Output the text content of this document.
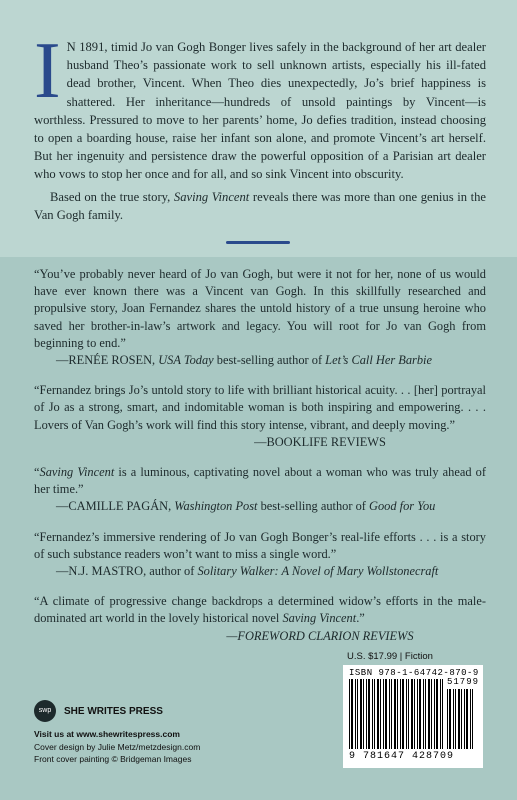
I N 1891, timid Jo van Gogh Bonger lives safely in the background of her art dealer husband Theo’s passionate work to sell unknown artists, especially his ill-fated dead brother, Vincent. When Theo dies unexpectedly, Jo’s brief happiness is shattered. Her inheritance—hundreds of unsold paintings by Vincent—is worthless. Pressured to move to her parents’ home, Jo defies tradition, instead choosing to open a boarding house, raise her infant son alone, and promote Vincent’s art herself. But her ingenuity and persistence draw the powerful opposition of a Parisian art dealer who vows to stop her once and for all, and so sink Vincent into obscurity.

Based on the true story, Saving Vincent reveals there was more than one genius in the Van Gogh family.

“You’ve probably never heard of Jo van Gogh, but were it not for her, none of us would have ever known there was a Vincent van Gogh. In this skillfully researched and propulsive story, Joan Fernandez shares the untold history of a true unsung heroine who saved her brother-in-law’s artwork and legacy. You will root for Jo van Gogh from beginning to end.”
—RENÉE ROSEN, USA Today best-selling author of Let’s Call Her Barbie
“Fernandez brings Jo’s untold story to life with brilliant historical acuity. . . [her] portrayal of Jo as a strong, smart, and indomitable woman is both inspiring and empowering. . . . Lovers of Van Gogh’s work will find this story intense, vibrant, and deeply moving.”
—BOOKLIFE REVIEWS
“Saving Vincent is a luminous, captivating novel about a woman who was truly ahead of her time.”
—CAMILLE PAGÁN, Washington Post best-selling author of Good for You
“Fernandez’s immersive rendering of Jo van Gogh Bonger’s real-life efforts . . . is a story of such substance readers won’t want to miss a single word.”
—N.J. MASTRO, author of Solitary Walker: A Novel of Mary Wollstonecraft
“A climate of progressive change backdrops a determined widow’s efforts in the male-dominated art world in the lovely historical novel Saving Vincent.”
—FOREWORD CLARION REVIEWS
U.S. $17.99 | Fiction
ISBN 978-1-64742-870-9
51799
9 781647 428709
swp	SHE WRITES PRESS
Visit us at www.shewritespress.com
Cover design by Julie Metz/metzdesign.com
Front cover painting © Bridgeman Images
